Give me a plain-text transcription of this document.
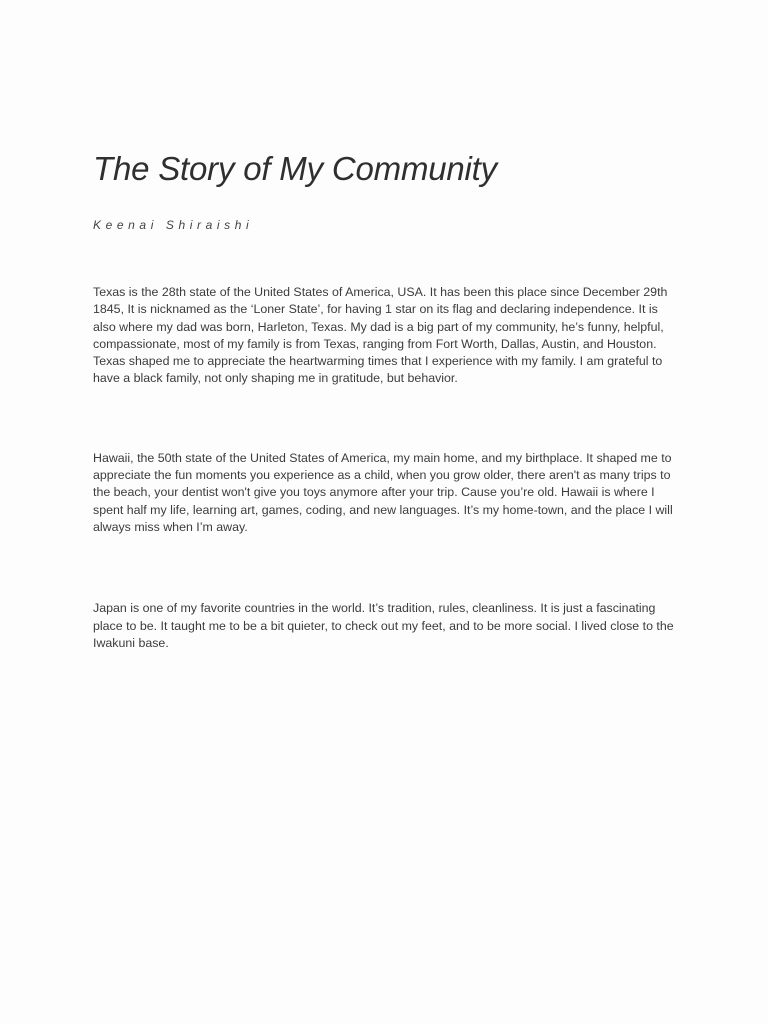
The Story of My Community
Keenai Shiraishi

Texas is the 28th state of the United States of America, USA. It has been this place since December 29th 1845, It is nicknamed as the ‘Loner State’, for having 1 star on its flag and declaring independence. It is also where my dad was born, Harleton, Texas. My dad is a big part of my community, he’s funny, helpful, compassionate, most of my family is from Texas, ranging from Fort Worth, Dallas, Austin, and Houston. Texas shaped me to appreciate the heartwarming times that I experience with my family. I am grateful to have a black family, not only shaping me in gratitude, but behavior.

Hawaii, the 50th state of the United States of America, my main home, and my birthplace. It shaped me to appreciate the fun moments you experience as a child, when you grow older, there aren't as many trips to the beach, your dentist won't give you toys anymore after your trip. Cause you’re old. Hawaii is where I spent half my life, learning art, games, coding, and new languages. It’s my home-town, and the place I will always miss when I’m away.

Japan is one of my favorite countries in the world. It’s tradition, rules, cleanliness. It is just a fascinating place to be. It taught me to be a bit quieter, to check out my feet, and to be more social. I lived close to the Iwakuni base.
